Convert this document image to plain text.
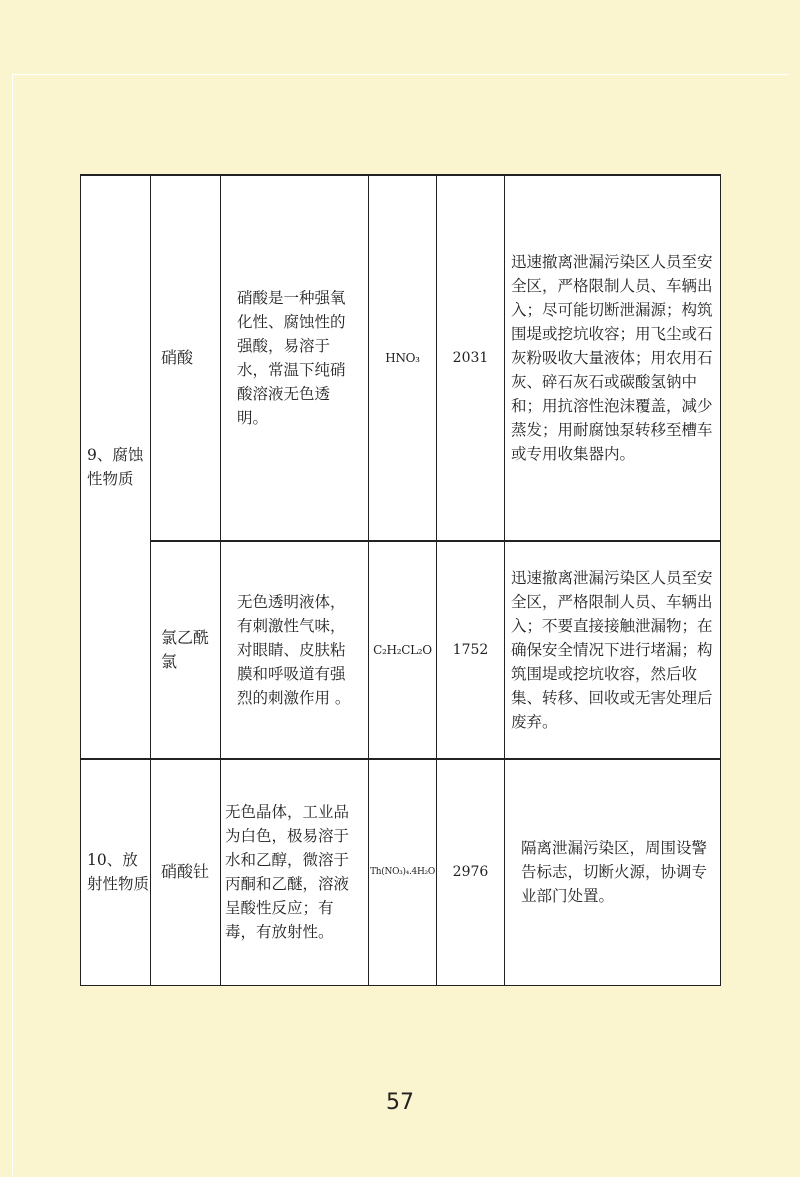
9、腐蚀性物质	硝酸	硝酸是一种强氧化性、腐蚀性的强酸，易溶于水，常温下纯硝酸溶液无色透明。	HNO₃	2031	迅速撤离泄漏污染区人员至安全区，严格限制人员、车辆出入；尽可能切断泄漏源；构筑围堤或挖坑收容；用飞尘或石灰粉吸收大量液体；用农用石灰、碎石灰石或碳酸氢钠中和；用抗溶性泡沫覆盖，减少蒸发；用耐腐蚀泵转移至槽车或专用收集器内。
	氯乙酰氯	无色透明液体，有刺激性气味，对眼睛、皮肤粘膜和呼吸道有强烈的刺激作用 。	C₂H₂CL₂O	1752	迅速撤离泄漏污染区人员至安全区，严格限制人员、车辆出入；不要直接接触泄漏物；在确保安全情况下进行堵漏；构筑围堤或挖坑收容，然后收集、转移、回收或无害处理后废弃。
10、放射性物质	硝酸钍	无色晶体，工业品为白色，极易溶于水和乙醇，微溶于丙酮和乙醚，溶液呈酸性反应；有毒，有放射性。	Th(NO₃)₄.4H₂O	2976	隔离泄漏污染区，周围设警告标志，切断火源，协调专业部门处置。
57
